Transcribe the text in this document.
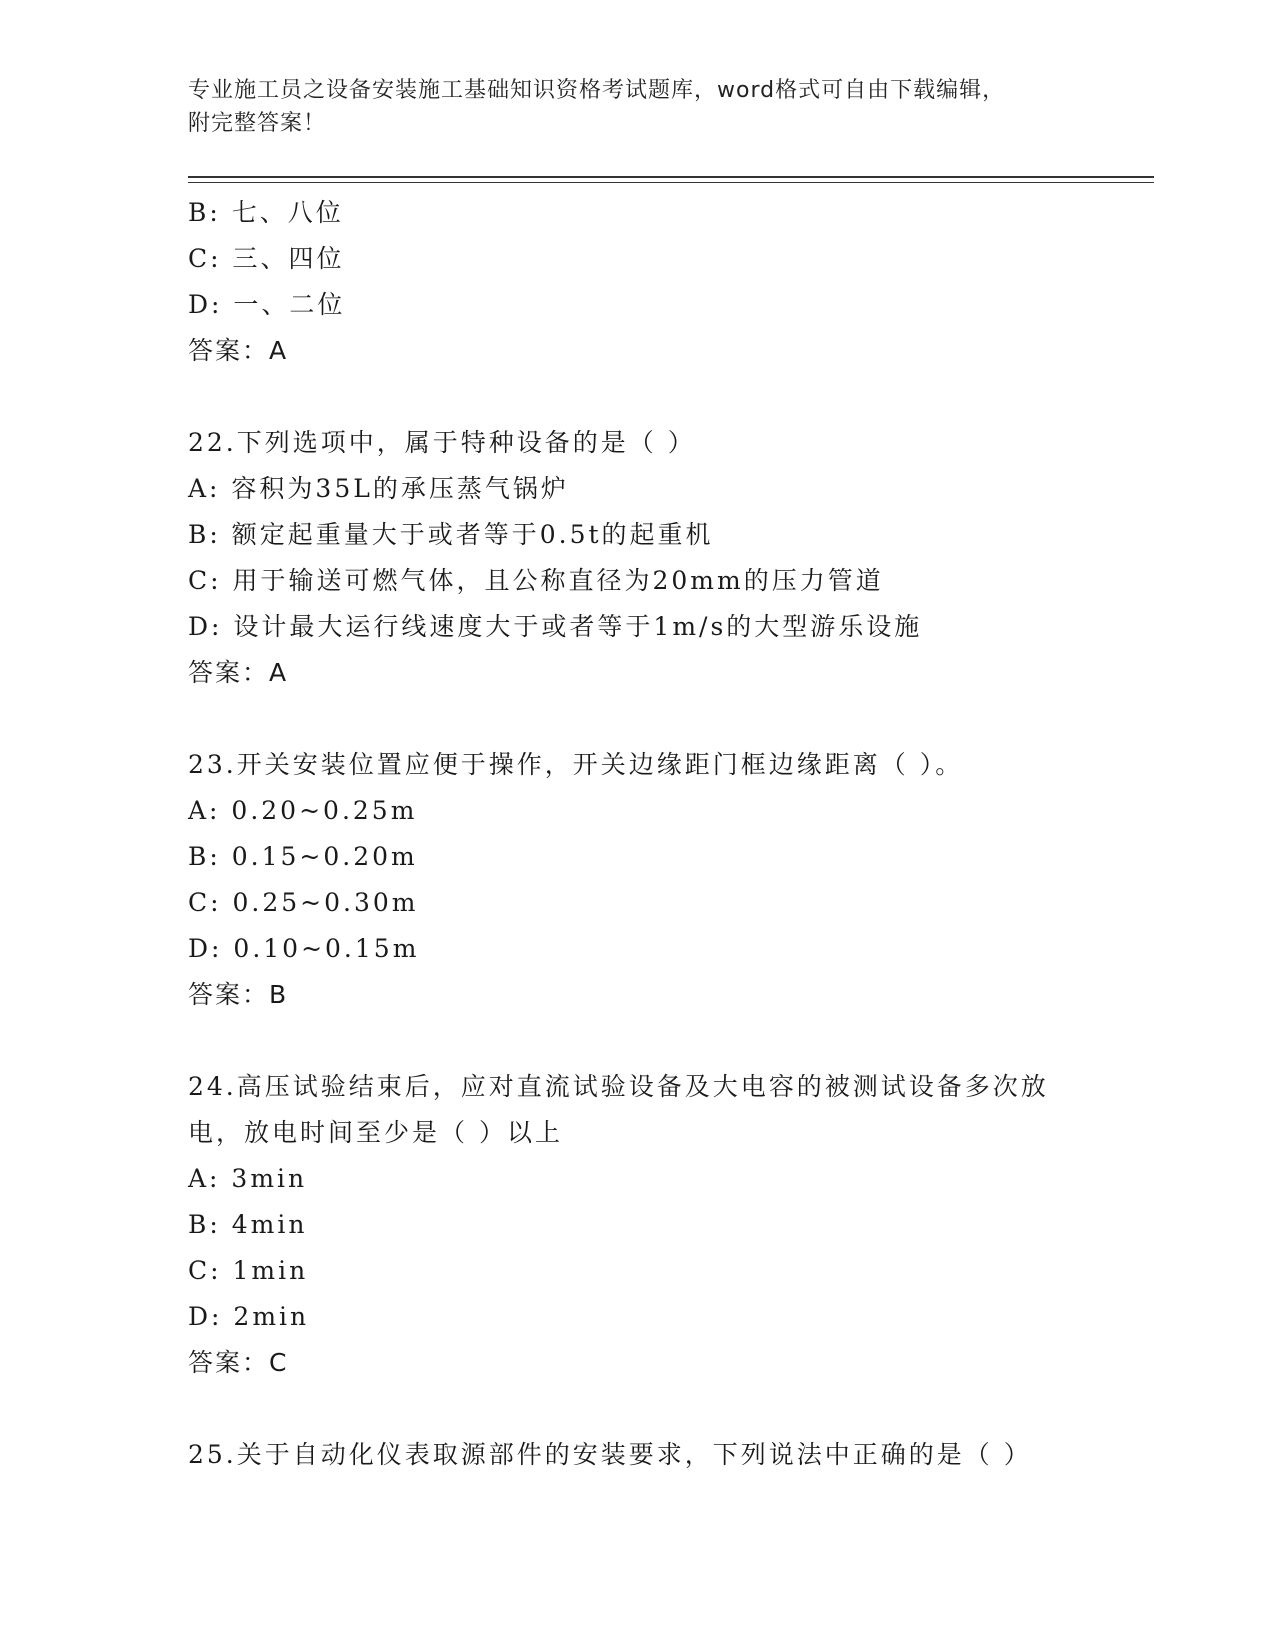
专业施工员之设备安装施工基础知识资格考试题库，word格式可自由下载编辑，
附完整答案！
B: 七、八位
C: 三、四位
D: 一、二位
答案：A
22.下列选项中，属于特种设备的是（ ）
A: 容积为35L的承压蒸气锅炉
B: 额定起重量大于或者等于0.5t的起重机
C: 用于输送可燃气体，且公称直径为20mm的压力管道
D: 设计最大运行线速度大于或者等于1m/s的大型游乐设施
答案：A
23.开关安装位置应便于操作，开关边缘距门框边缘距离（ ）。
A: 0.20~0.25m
B: 0.15~0.20m
C: 0.25~0.30m
D: 0.10~0.15m
答案：B
24.高压试验结束后，应对直流试验设备及大电容的被测试设备多次放
电，放电时间至少是（ ）以上
A: 3min
B: 4min
C: 1min
D: 2min
答案：C
25.关于自动化仪表取源部件的安装要求，下列说法中正确的是（ ）
